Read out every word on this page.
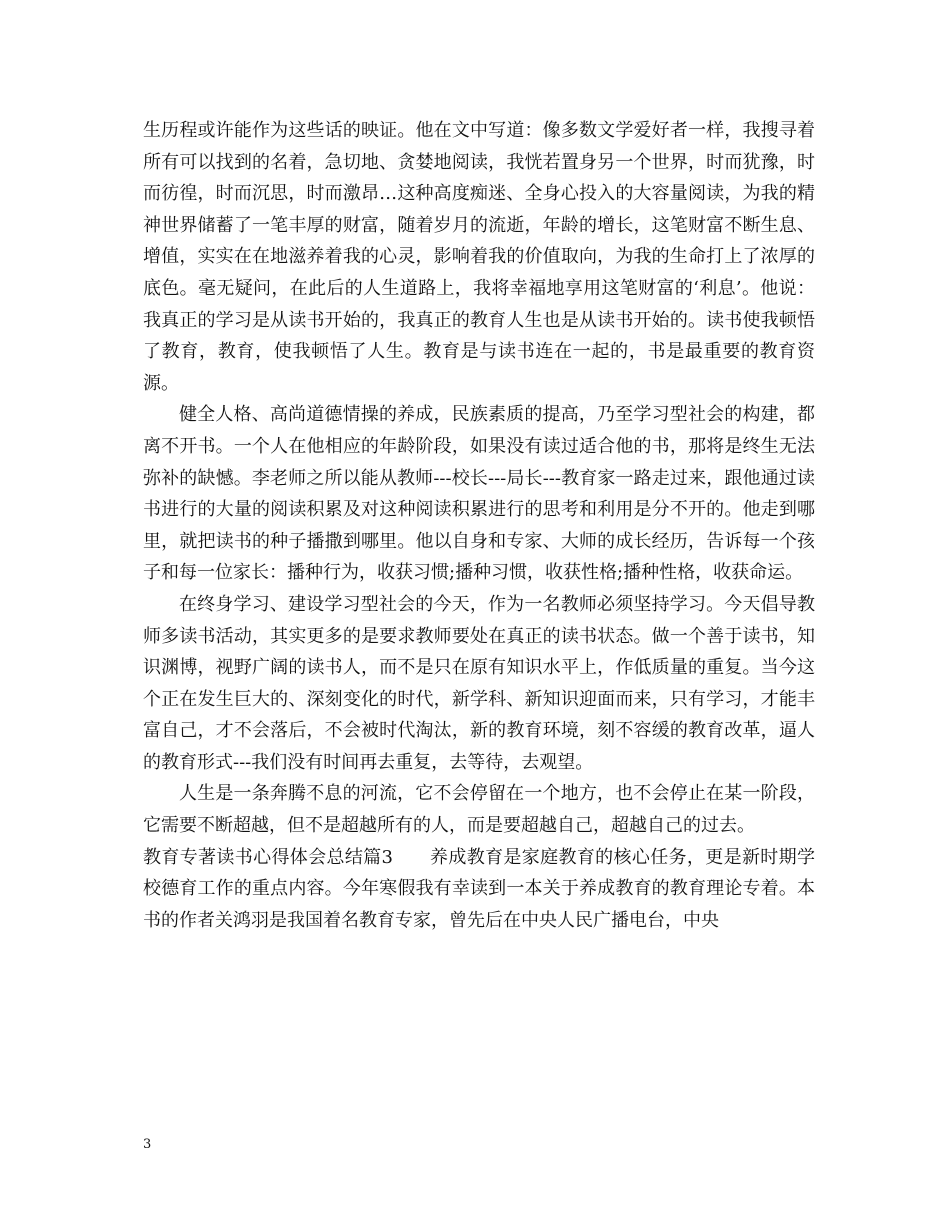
生历程或许能作为这些话的映证。他在文中写道：像多数文学爱好者一样，我搜寻着所有可以找到的名着，急切地、贪婪地阅读，我恍若置身另一个世界，时而犹豫，时而彷徨，时而沉思，时而激昂…这种高度痴迷、全身心投入的大容量阅读，为我的精神世界储蓄了一笔丰厚的财富，随着岁月的流逝，年龄的增长，这笔财富不断生息、增值，实实在在地滋养着我的心灵，影响着我的价值取向，为我的生命打上了浓厚的底色。毫无疑问，在此后的人生道路上，我将幸福地享用这笔财富的‘利息’。他说：我真正的学习是从读书开始的，我真正的教育人生也是从读书开始的。读书使我顿悟了教育，教育，使我顿悟了人生。教育是与读书连在一起的，书是最重要的教育资源。

健全人格、高尚道德情操的养成，民族素质的提高，乃至学习型社会的构建，都离不开书。一个人在他相应的年龄阶段，如果没有读过适合他的书，那将是终生无法弥补的缺憾。李老师之所以能从教师---校长---局长---教育家一路走过来，跟他通过读书进行的大量的阅读积累及对这种阅读积累进行的思考和利用是分不开的。他走到哪里，就把读书的种子播撒到哪里。他以自身和专家、大师的成长经历，告诉每一个孩子和每一位家长：播种行为，收获习惯;播种习惯，收获性格;播种性格，收获命运。

在终身学习、建设学习型社会的今天，作为一名教师必须坚持学习。今天倡导教师多读书活动，其实更多的是要求教师要处在真正的读书状态。做一个善于读书，知识渊博，视野广阔的读书人，而不是只在原有知识水平上，作低质量的重复。当今这个正在发生巨大的、深刻变化的时代，新学科、新知识迎面而来，只有学习，才能丰富自己，才不会落后，不会被时代淘汰，新的教育环境，刻不容缓的教育改革，逼人的教育形式---我们没有时间再去重复，去等待，去观望。

人生是一条奔腾不息的河流，它不会停留在一个地方，也不会停止在某一阶段，它需要不断超越，但不是超越所有的人，而是要超越自己，超越自己的过去。

教育专著读书心得体会总结篇3　　养成教育是家庭教育的核心任务，更是新时期学校德育工作的重点内容。今年寒假我有幸读到一本关于养成教育的教育理论专着。本书的作者关鸿羽是我国着名教育专家，曾先后在中央人民广播电台，中央

3
